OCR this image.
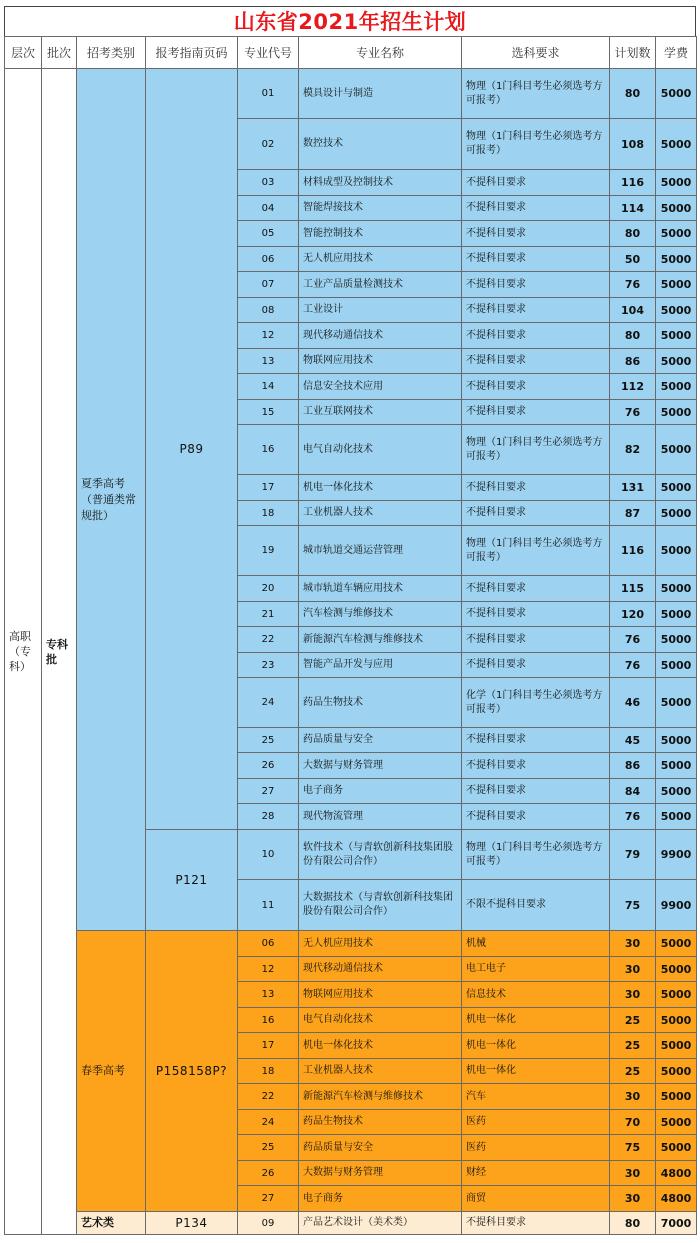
山东省2021年招生计划
层次	批次	招考类别	报考指南页码	专业代号	专业名称	选科要求	计划数	学费
高职（专科）	专科批	夏季高考（普通类常规批）	P89	01	模具设计与制造	物理（1门科目考生必须选考方可报考）	80	5000
				02	数控技术	物理（1门科目考生必须选考方可报考）	108	5000
				03	材料成型及控制技术	不提科目要求	116	5000
				04	智能焊接技术	不提科目要求	114	5000
				05	智能控制技术	不提科目要求	80	5000
				06	无人机应用技术	不提科目要求	50	5000
				07	工业产品质量检测技术	不提科目要求	76	5000
				08	工业设计	不提科目要求	104	5000
				12	现代移动通信技术	不提科目要求	80	5000
				13	物联网应用技术	不提科目要求	86	5000
				14	信息安全技术应用	不提科目要求	112	5000
				15	工业互联网技术	不提科目要求	76	5000
				16	电气自动化技术	物理（1门科目考生必须选考方可报考）	82	5000
				17	机电一体化技术	不提科目要求	131	5000
				18	工业机器人技术	不提科目要求	87	5000
				19	城市轨道交通运营管理	物理（1门科目考生必须选考方可报考）	116	5000
				20	城市轨道车辆应用技术	不提科目要求	115	5000
				21	汽车检测与维修技术	不提科目要求	120	5000
				22	新能源汽车检测与维修技术	不提科目要求	76	5000
				23	智能产品开发与应用	不提科目要求	76	5000
				24	药品生物技术	化学（1门科目考生必须选考方可报考）	46	5000
				25	药品质量与安全	不提科目要求	45	5000
				26	大数据与财务管理	不提科目要求	86	5000
				27	电子商务	不提科目要求	84	5000
				28	现代物流管理	不提科目要求	76	5000
			P121	10	软件技术（与青软创新科技集团股份有限公司合作）	物理（1门科目考生必须选考方可报考）	79	9900
				11	大数据技术（与青软创新科技集团股份有限公司合作）	不限不提科目要求	75	9900
		春季高考	P158158P?	06	无人机应用技术	机械	30	5000
				12	现代移动通信技术	电工电子	30	5000
				13	物联网应用技术	信息技术	30	5000
				16	电气自动化技术	机电一体化	25	5000
				17	机电一体化技术	机电一体化	25	5000
				18	工业机器人技术	机电一体化	25	5000
				22	新能源汽车检测与维修技术	汽车	30	5000
				24	药品生物技术	医药	70	5000
				25	药品质量与安全	医药	75	5000
				26	大数据与财务管理	财经	30	4800
				27	电子商务	商贸	30	4800
		艺术类	P134	09	产品艺术设计（美术类）	不提科目要求	80	7000
